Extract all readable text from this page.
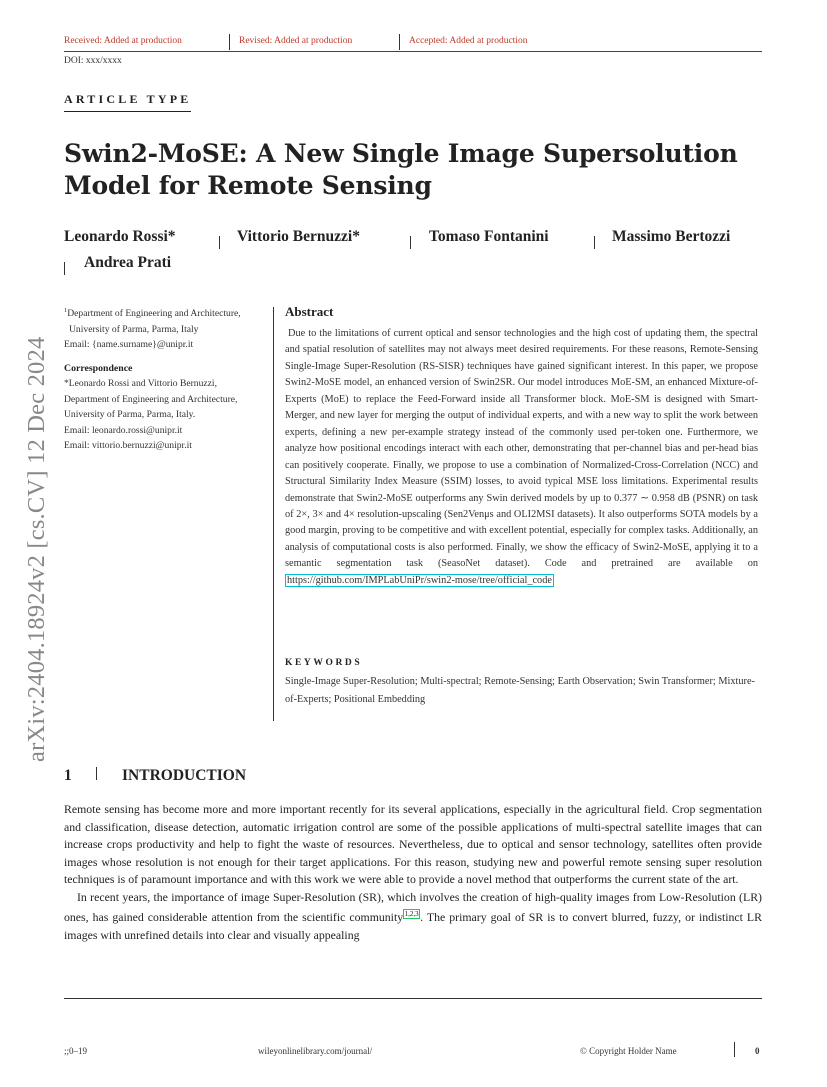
Received: Added at production	Revised: Added at production	Accepted: Added at production
DOI: xxx/xxxx
ARTICLE TYPE
Swin2-MoSE: A New Single Image Supersolution Model for Remote Sensing
Leonardo Rossi*	Vittorio Bernuzzi*	Tomaso Fontanini	Massimo Bertozzi
Andrea Prati
arXiv:2404.18924v2 [cs.CV] 12 Dec 2024
$^1$Department of Engineering and Architecture, University of Parma, Parma, Italy
Email: {name.surname}@unipr.it
Correspondence
*Leonardo Rossi and Vittorio Bernuzzi, Department of Engineering and Architecture, University of Parma, Parma, Italy.
Email: leonardo.rossi@unipr.it
Email: vittorio.bernuzzi@unipr.it
Abstract
Due to the limitations of current optical and sensor technologies and the high cost of updating them, the spectral and spatial resolution of satellites may not always meet desired requirements. For these reasons, Remote-Sensing Single-Image Super-Resolution (RS-SISR) techniques have gained significant interest. In this paper, we propose Swin2-MoSE model, an enhanced version of Swin2SR. Our model introduces MoE-SM, an enhanced Mixture-of-Experts (MoE) to replace the Feed-Forward inside all Transformer block. MoE-SM is designed with Smart-Merger, and new layer for merging the output of individual experts, and with a new way to split the work between experts, defining a new per-example strategy instead of the commonly used per-token one. Furthermore, we analyze how positional encodings interact with each other, demonstrating that per-channel bias and per-head bias can positively cooperate. Finally, we propose to use a combination of Normalized-Cross-Correlation (NCC) and Structural Similarity Index Measure (SSIM) losses, to avoid typical MSE loss limitations. Experimental results demonstrate that Swin2-MoSE outperforms any Swin derived models by up to 0.377 ∼ 0.958 dB (PSNR) on task of 2×, 3× and 4× resolution-upscaling (Sen2Venμs and OLI2MSI datasets). It also outperforms SOTA models by a good margin, proving to be competitive and with excellent potential, especially for complex tasks. Additionally, an analysis of computational costs is also performed. Finally, we show the efficacy of Swin2-MoSE, applying it to a semantic segmentation task (SeasoNet dataset). Code and pretrained are available on https://github.com/IMPLabUniPr/swin2-mose/tree/official_code
KEYWORDS
Single-Image Super-Resolution; Multi-spectral; Remote-Sensing; Earth Observation; Swin Transformer; Mixture-of-Experts; Positional Embedding
1	INTRODUCTION

Remote sensing has become more and more important recently for its several applications, especially in the agricultural field. Crop segmentation and classification, disease detection, automatic irrigation control are some of the possible applications of multi-spectral satellite images that can increase crops productivity and help to fight the waste of resources. Nevertheless, due to optical and sensor technology, satellites often provide images whose resolution is not enough for their target applications. For this reason, studying new and powerful remote sensing super resolution techniques is of paramount importance and with this work we were able to provide a novel method that outperforms the current state of the art.

In recent years, the importance of image Super-Resolution (SR), which involves the creation of high-quality images from Low-Resolution (LR) ones, has gained considerable attention from the scientific community $^{1,2,3}$ . The primary goal of SR is to convert blurred, fuzzy, or indistinct LR images with unrefined details into clear and visually appealing

;;0–19	wileyonlinelibrary.com/journal/	© Copyright Holder Name	0
